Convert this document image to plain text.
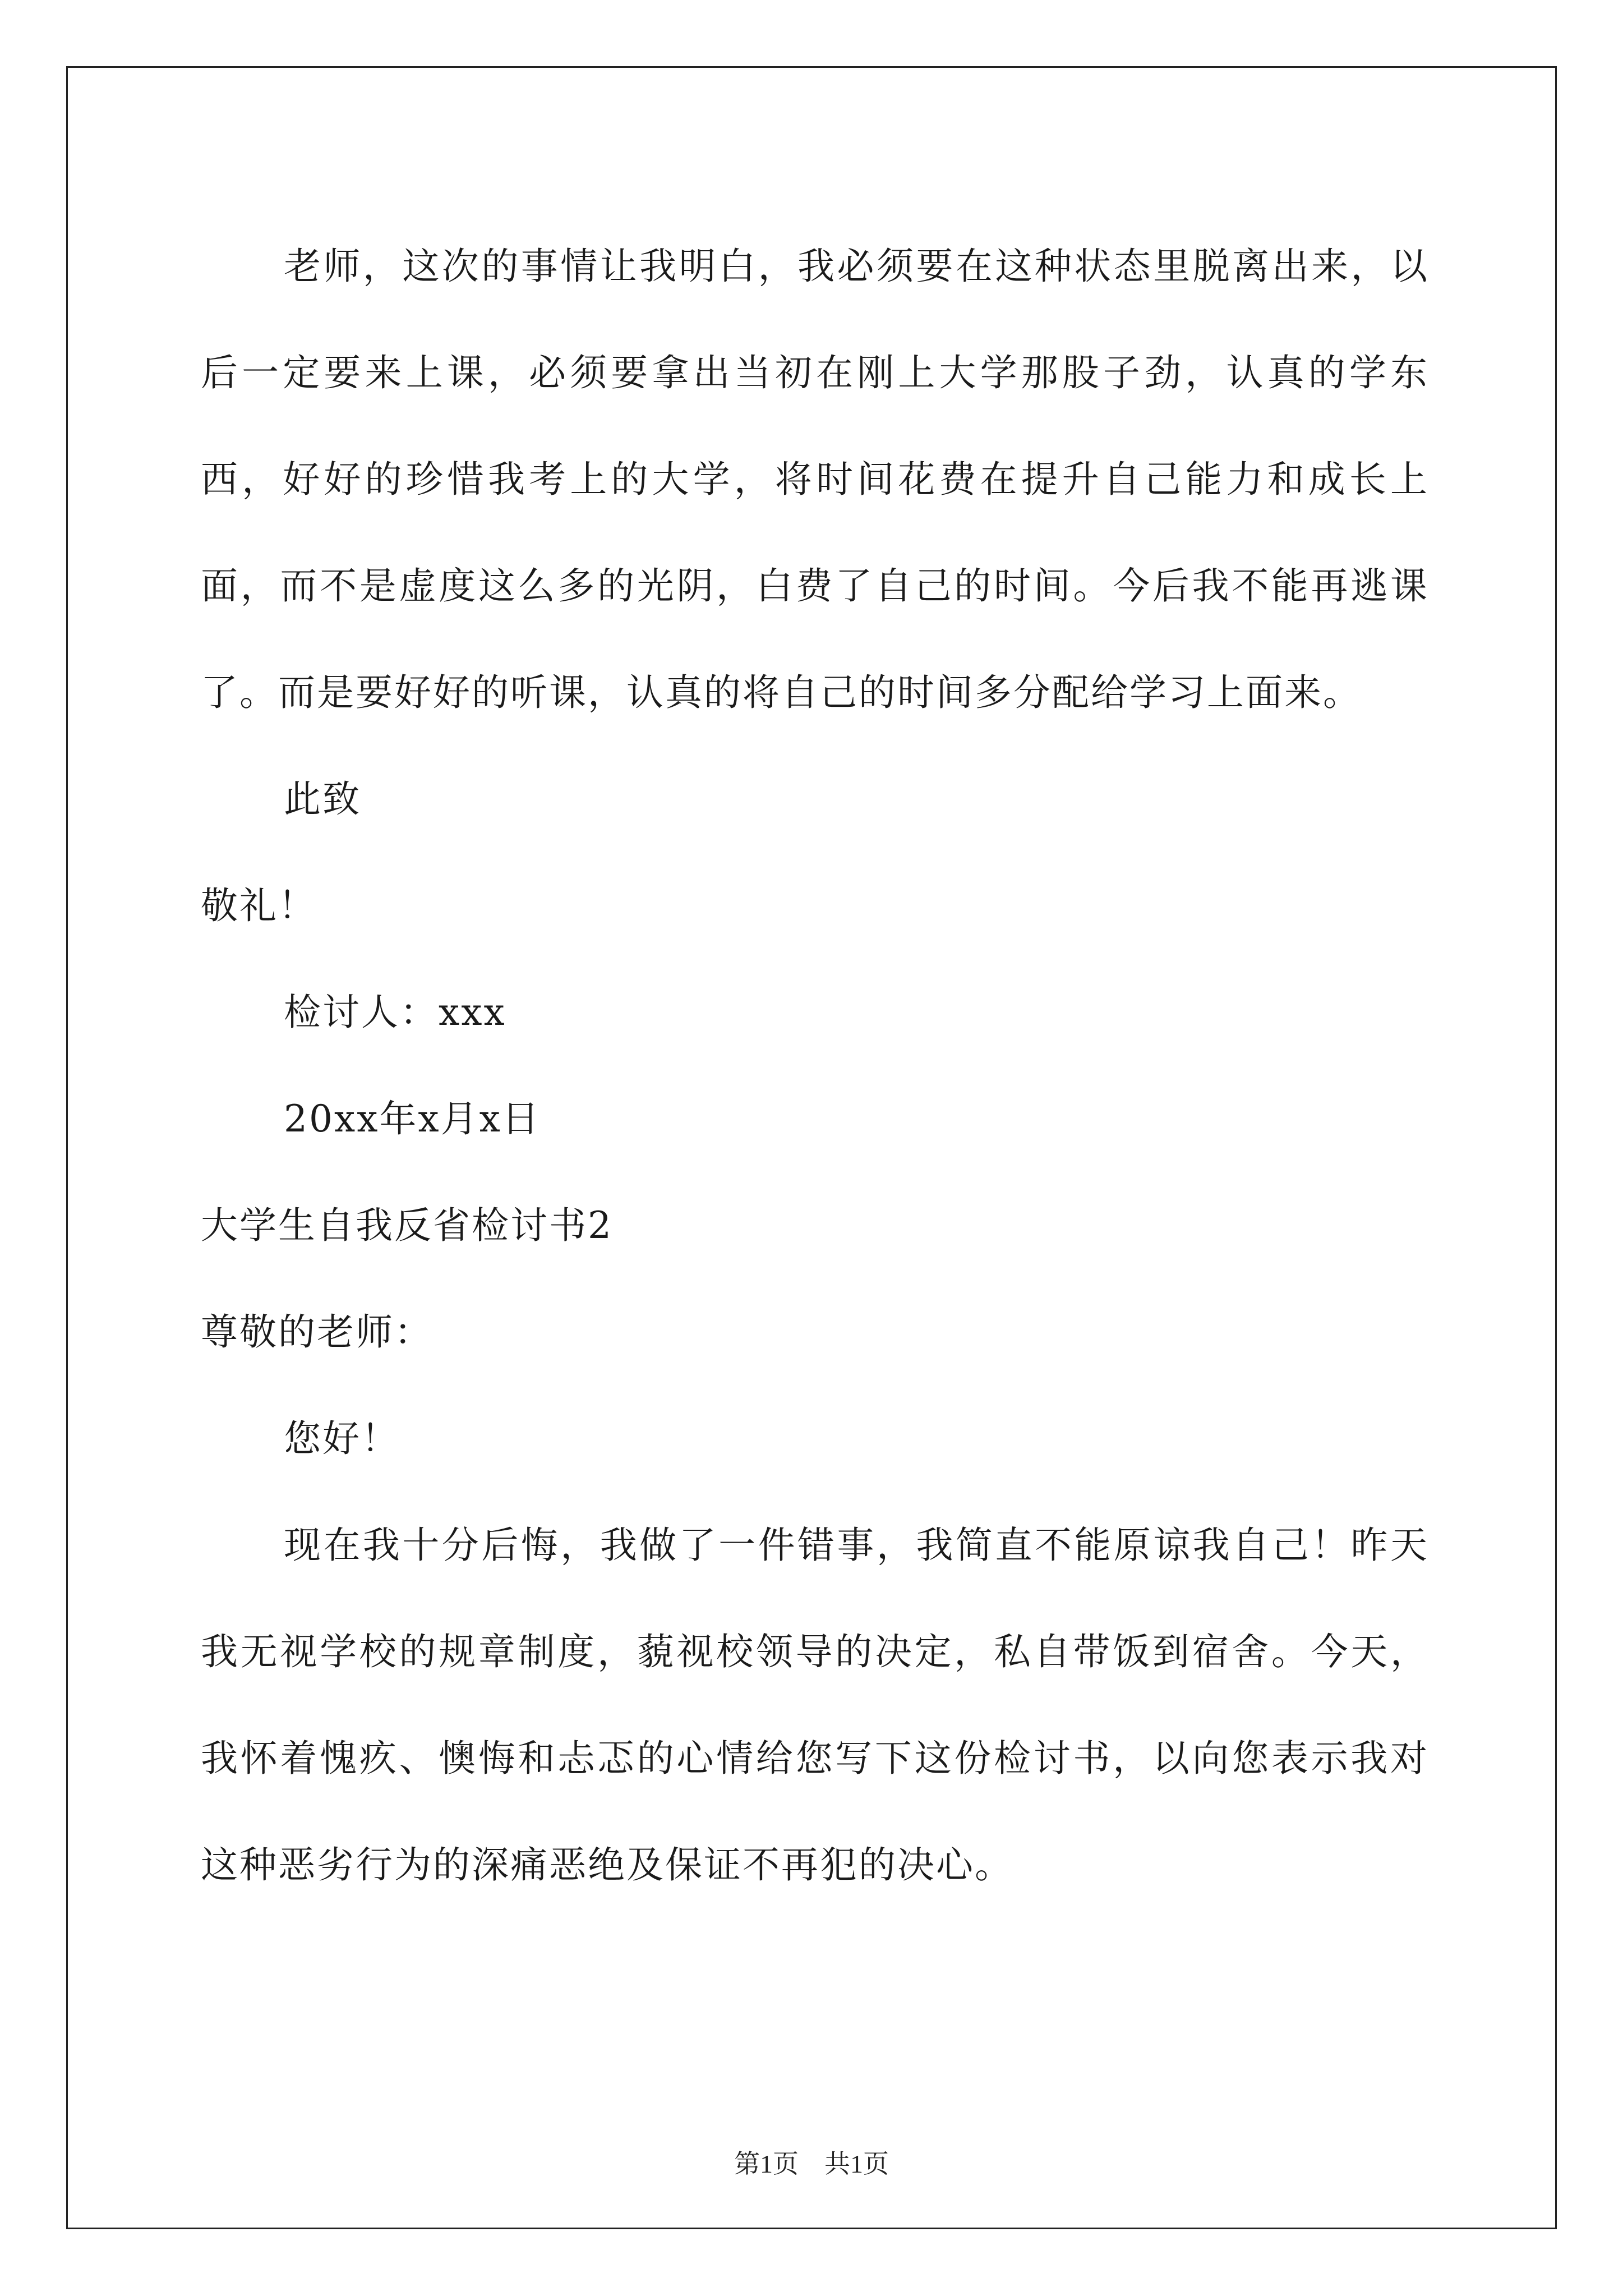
老师，这次的事情让我明白，我必须要在这种状态里脱离出来，以后一定要来上课，必须要拿出当初在刚上大学那股子劲，认真的学东西，好好的珍惜我考上的大学，将时间花费在提升自己能力和成长上面，而不是虚度这么多的光阴，白费了自己的时间。今后我不能再逃课了。而是要好好的听课，认真的将自己的时间多分配给学习上面来。

此致

敬礼！

检讨人：xxx

20xx年x月x日

大学生自我反省检讨书2

尊敬的老师：

您好！

现在我十分后悔，我做了一件错事，我简直不能原谅我自己！昨天我无视学校的规章制度，藐视校领导的决定，私自带饭到宿舍。今天，我怀着愧疚、懊悔和忐忑的心情给您写下这份检讨书，以向您表示我对这种恶劣行为的深痛恶绝及保证不再犯的决心。

第1页　共1页
